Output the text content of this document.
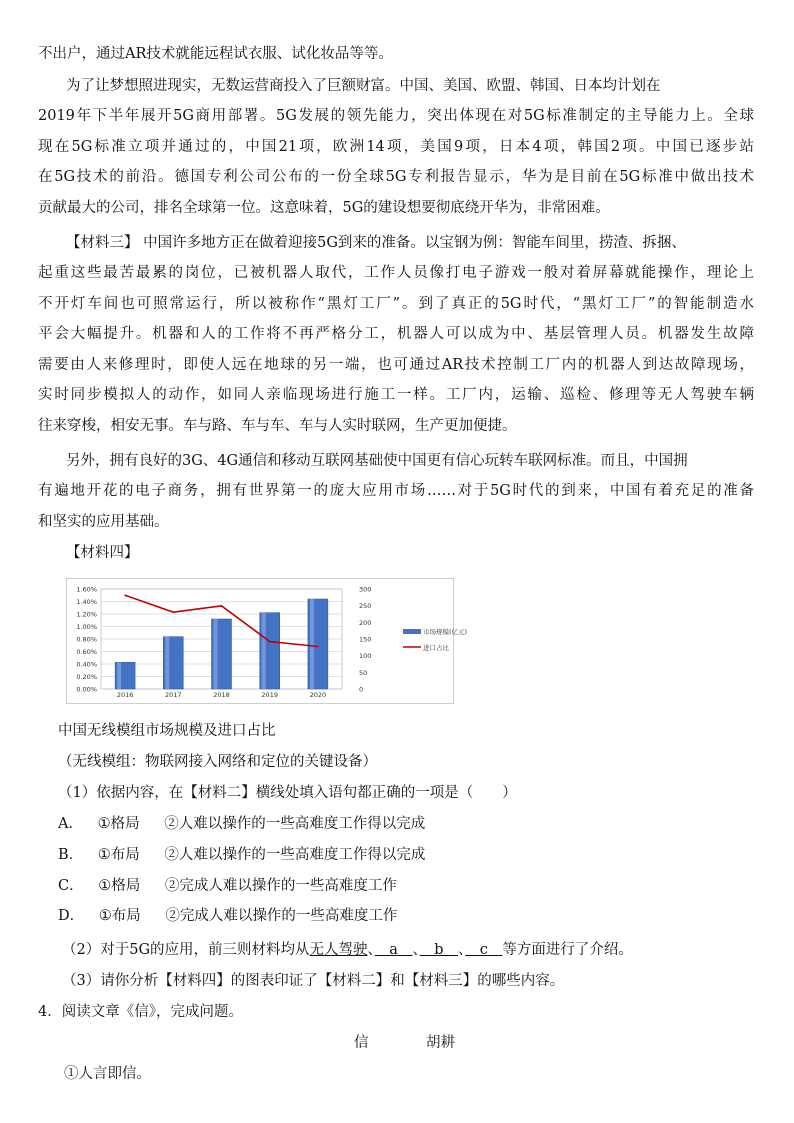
不出户，通过AR技术就能远程试衣服、试化妆品等等。
为了让梦想照进现实，无数运营商投入了巨额财富。中国、美国、欧盟、韩国、日本均计划在
2019年下半年展开5G商用部署。5G发展的领先能力，突出体现在对5G标准制定的主导能力上。全球
现在5G标准立项并通过的，中国21项，欧洲14项，美国9项，日本4项，韩国2项。中国已逐步站
在5G技术的前沿。德国专利公司公布的一份全球5G专利报告显示，华为是目前在5G标准中做出技术
贡献最大的公司，排名全球第一位。这意味着，5G的建设想要彻底绕开华为，非常困难。
【材料三】 中国许多地方正在做着迎接5G到来的准备。以宝钢为例：智能车间里，捞渣、拆捆、
起重这些最苦最累的岗位，已被机器人取代，工作人员像打电子游戏一般对着屏幕就能操作，理论上
不开灯车间也可照常运行，所以被称作“黑灯工厂”。到了真正的5G时代，“黑灯工厂”的智能制造水
平会大幅提升。机器和人的工作将不再严格分工，机器人可以成为中、基层管理人员。机器发生故障
需要由人来修理时，即使人远在地球的另一端，也可通过AR技术控制工厂内的机器人到达故障现场，
实时同步模拟人的动作，如同人亲临现场进行施工一样。工厂内，运输、巡检、修理等无人驾驶车辆
往来穿梭，相安无事。车与路、车与车、车与人实时联网，生产更加便捷。
另外，拥有良好的3G、4G通信和移动互联网基础使中国更有信心玩转车联网标准。而且，中国拥
有遍地开花的电子商务，拥有世界第一的庞大应用市场……对于5G时代的到来，中国有着充足的准备
和坚实的应用基础。
【材料四】
0.00%
0.20%
0.40%
0.60%
0.80%
1.00%
1.20%
1.40%
1.60%
0
50
100
150
200
250
300
2016	2017	2018	2019	2020
市场规模(亿元)
进口占比
中国无线模组市场规模及进口占比
（无线模组：物联网接入网络和定位的关键设备）
（1）依据内容，在【材料二】横线处填入语句都正确的一项是（　　）
A． ①格局 ②人难以操作的一些高难度工作得以完成
B． ①布局 ②人难以操作的一些高难度工作得以完成
C． ①格局 ②完成人难以操作的一些高难度工作
D． ①布局 ②完成人难以操作的一些高难度工作
（2）对于5G的应用，前三则材料均从无人驾驶、　a　、　b　、　c　等方面进行了介绍。
（3）请你分析【材料四】的图表印证了【材料二】和【材料三】的哪些内容。
4．阅读文章《信》，完成问题。
信	胡耕
①人言即信。
